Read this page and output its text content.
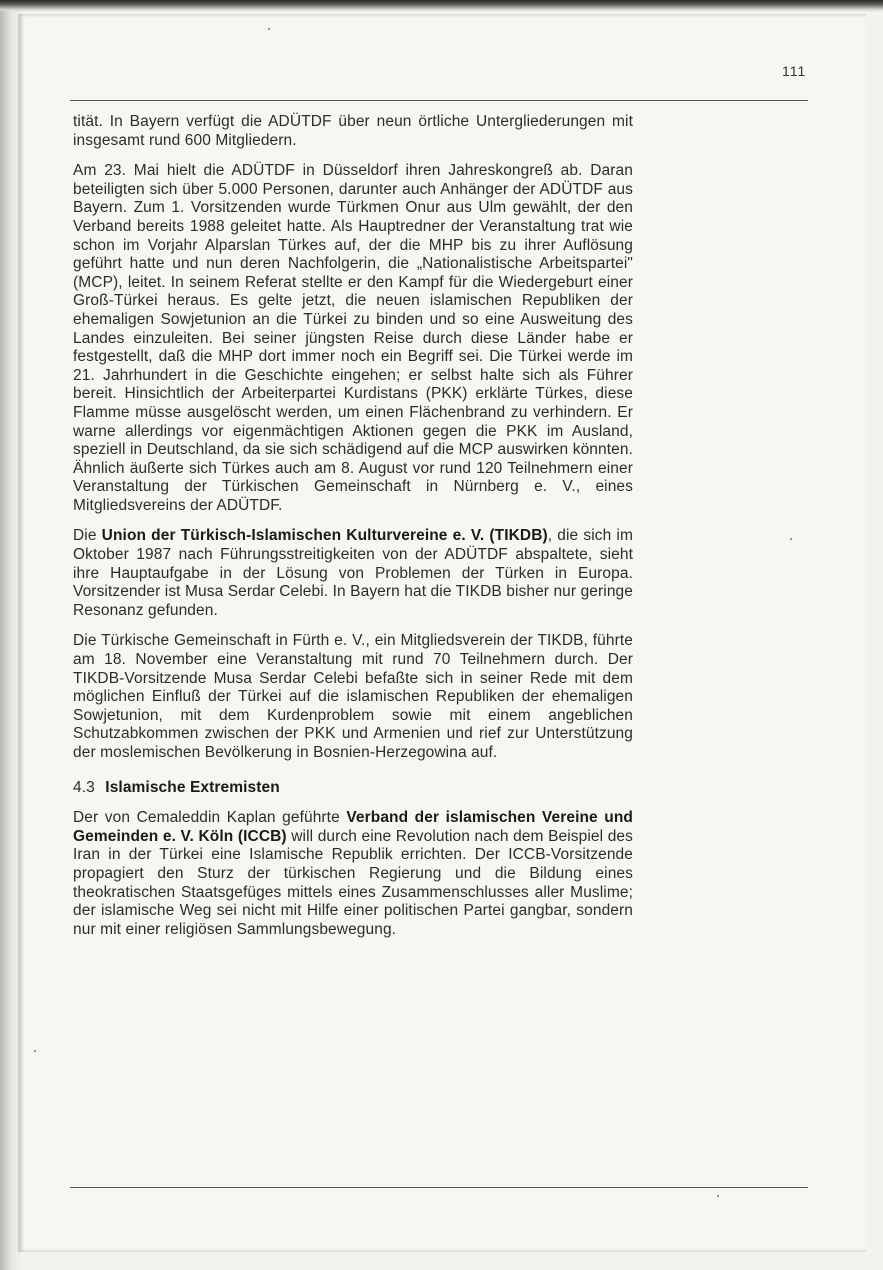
111

tität. In Bayern verfügt die ADÜTDF über neun örtliche Untergliederungen mit insgesamt rund 600 Mitgliedern.

Am 23. Mai hielt die ADÜTDF in Düsseldorf ihren Jahreskongreß ab. Daran beteiligten sich über 5.000 Personen, darunter auch Anhänger der ADÜTDF aus Bayern. Zum 1. Vorsitzenden wurde Türkmen Onur aus Ulm gewählt, der den Verband bereits 1988 geleitet hatte. Als Hauptredner der Veranstaltung trat wie schon im Vorjahr Alparslan Türkes auf, der die MHP bis zu ihrer Auflösung geführt hatte und nun deren Nachfolgerin, die „Nationalistische Arbeitspartei" (MCP), leitet. In seinem Referat stellte er den Kampf für die Wiedergeburt einer Groß-Türkei heraus. Es gelte jetzt, die neuen islamischen Republiken der ehemaligen Sowjetunion an die Türkei zu binden und so eine Ausweitung des Landes einzuleiten. Bei seiner jüngsten Reise durch diese Länder habe er festgestellt, daß die MHP dort immer noch ein Begriff sei. Die Türkei werde im 21. Jahrhundert in die Geschichte eingehen; er selbst halte sich als Führer bereit. Hinsichtlich der Arbeiterpartei Kurdistans (PKK) erklärte Türkes, diese Flamme müsse ausgelöscht werden, um einen Flächenbrand zu verhindern. Er warne allerdings vor eigenmächtigen Aktionen gegen die PKK im Ausland, speziell in Deutschland, da sie sich schädigend auf die MCP auswirken könnten. Ähnlich äußerte sich Türkes auch am 8. August vor rund 120 Teilnehmern einer Veranstaltung der Türkischen Gemeinschaft in Nürnberg e. V., eines Mitgliedsvereins der ADÜTDF.

Die Union der Türkisch-Islamischen Kulturvereine e. V. (TIKDB), die sich im Oktober 1987 nach Führungsstreitigkeiten von der ADÜTDF abspaltete, sieht ihre Hauptaufgabe in der Lösung von Problemen der Türken in Europa. Vorsitzender ist Musa Serdar Celebi. In Bayern hat die TIKDB bisher nur geringe Resonanz gefunden.

Die Türkische Gemeinschaft in Fürth e. V., ein Mitgliedsverein der TIKDB, führte am 18. November eine Veranstaltung mit rund 70 Teilnehmern durch. Der TIKDB-Vorsitzende Musa Serdar Celebi befaßte sich in seiner Rede mit dem möglichen Einfluß der Türkei auf die islamischen Republiken der ehemaligen Sowjetunion, mit dem Kurdenproblem sowie mit einem angeblichen Schutzabkommen zwischen der PKK und Armenien und rief zur Unterstützung der moslemischen Bevölkerung in Bosnien-Herzegowina auf.

4.3 Islamische Extremisten

Der von Cemaleddin Kaplan geführte Verband der islamischen Vereine und Gemeinden e. V. Köln (ICCB) will durch eine Revolution nach dem Beispiel des Iran in der Türkei eine Islamische Republik errichten. Der ICCB-Vorsitzende propagiert den Sturz der türkischen Regierung und die Bildung eines theokratischen Staatsgefüges mittels eines Zusammenschlusses aller Muslime; der islamische Weg sei nicht mit Hilfe einer politischen Partei gangbar, sondern nur mit einer religiösen Sammlungsbewegung.
